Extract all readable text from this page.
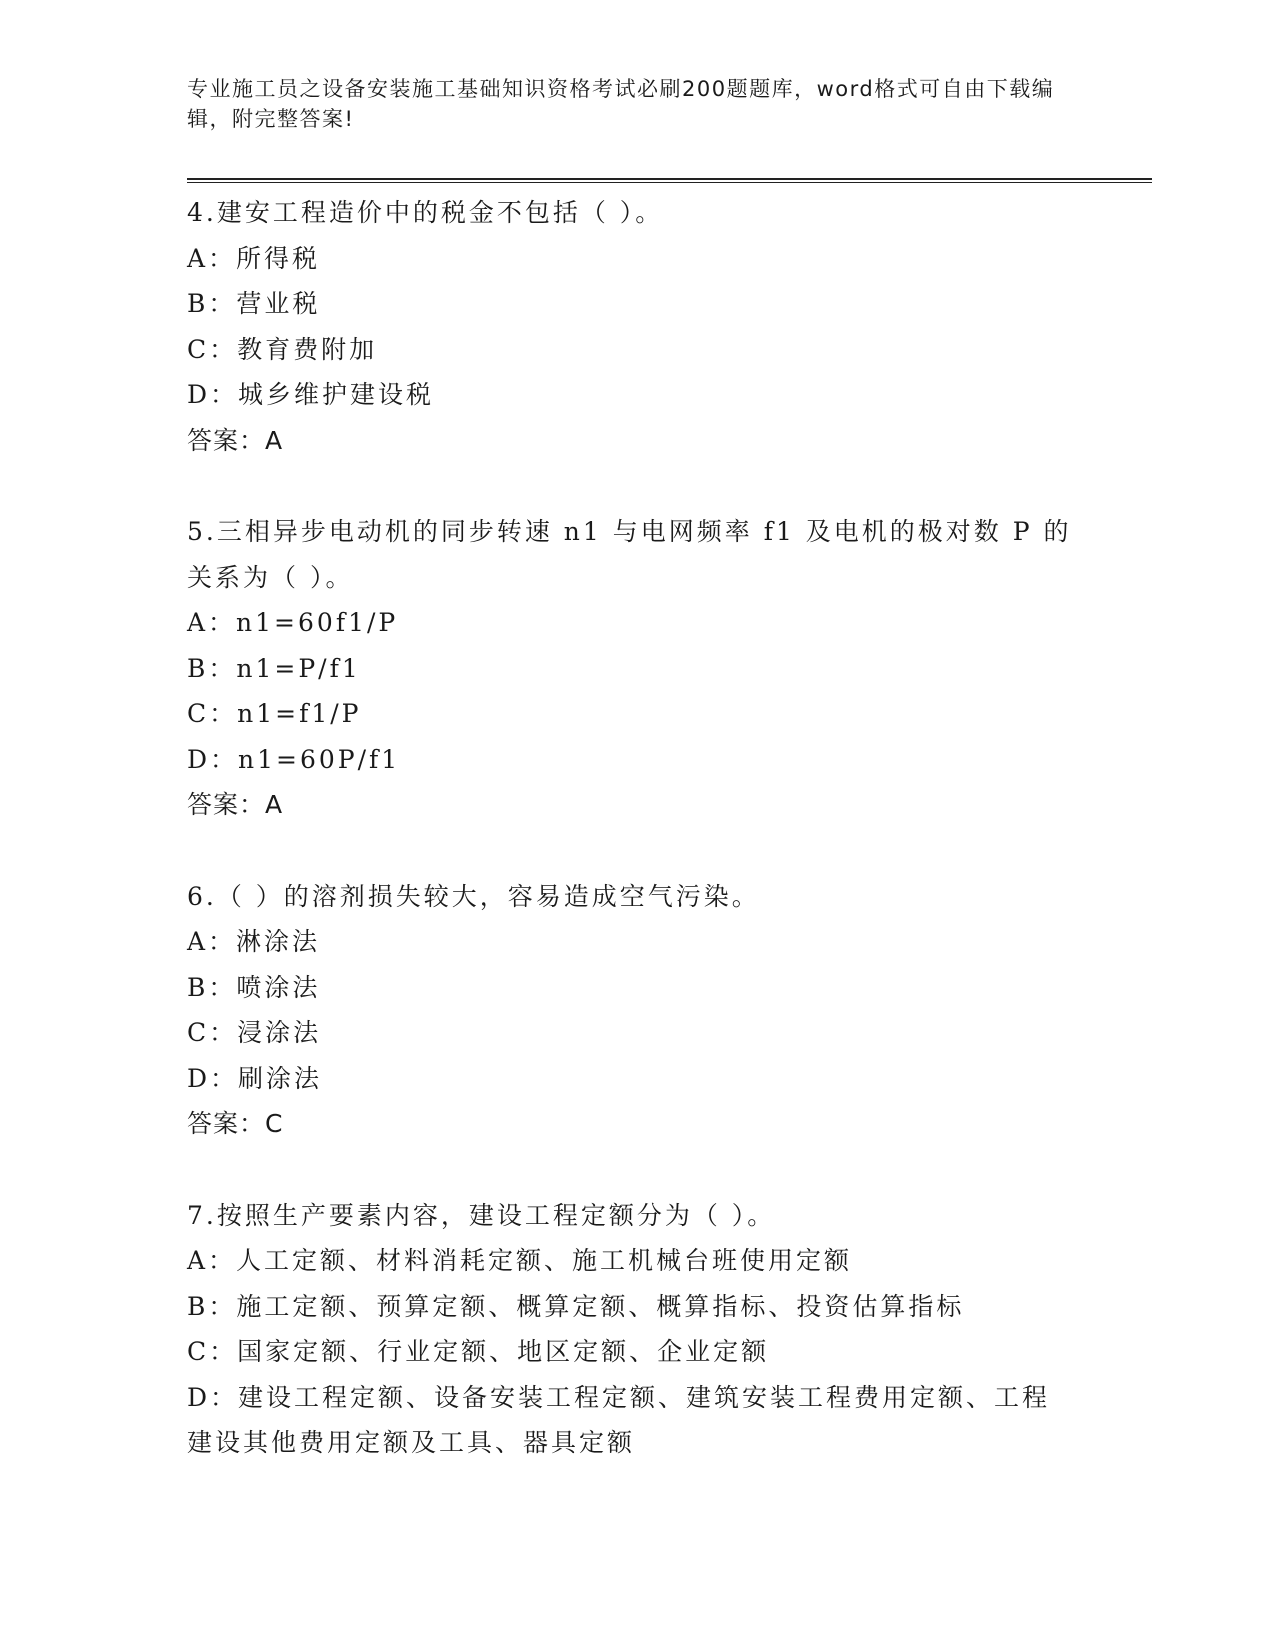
专业施工员之设备安装施工基础知识资格考试必刷200题题库，word格式可自由下载编辑，附完整答案!
4.建安工程造价中的税金不包括（ ）。
A：所得税
B：营业税
C：教育费附加
D：城乡维护建设税
答案：A
5.三相异步电动机的同步转速 n1 与电网频率 f1 及电机的极对数 P 的
关系为（ ）。
A：n1=60f1/P
B：n1=P/f1
C：n1=f1/P
D：n1=60P/f1
答案：A
6.（ ）的溶剂损失较大，容易造成空气污染。
A：淋涂法
B：喷涂法
C：浸涂法
D：刷涂法
答案：C
7.按照生产要素内容，建设工程定额分为（ ）。
A：人工定额、材料消耗定额、施工机械台班使用定额
B：施工定额、预算定额、概算定额、概算指标、投资估算指标
C：国家定额、行业定额、地区定额、企业定额
D：建设工程定额、设备安装工程定额、建筑安装工程费用定额、工程
建设其他费用定额及工具、器具定额
